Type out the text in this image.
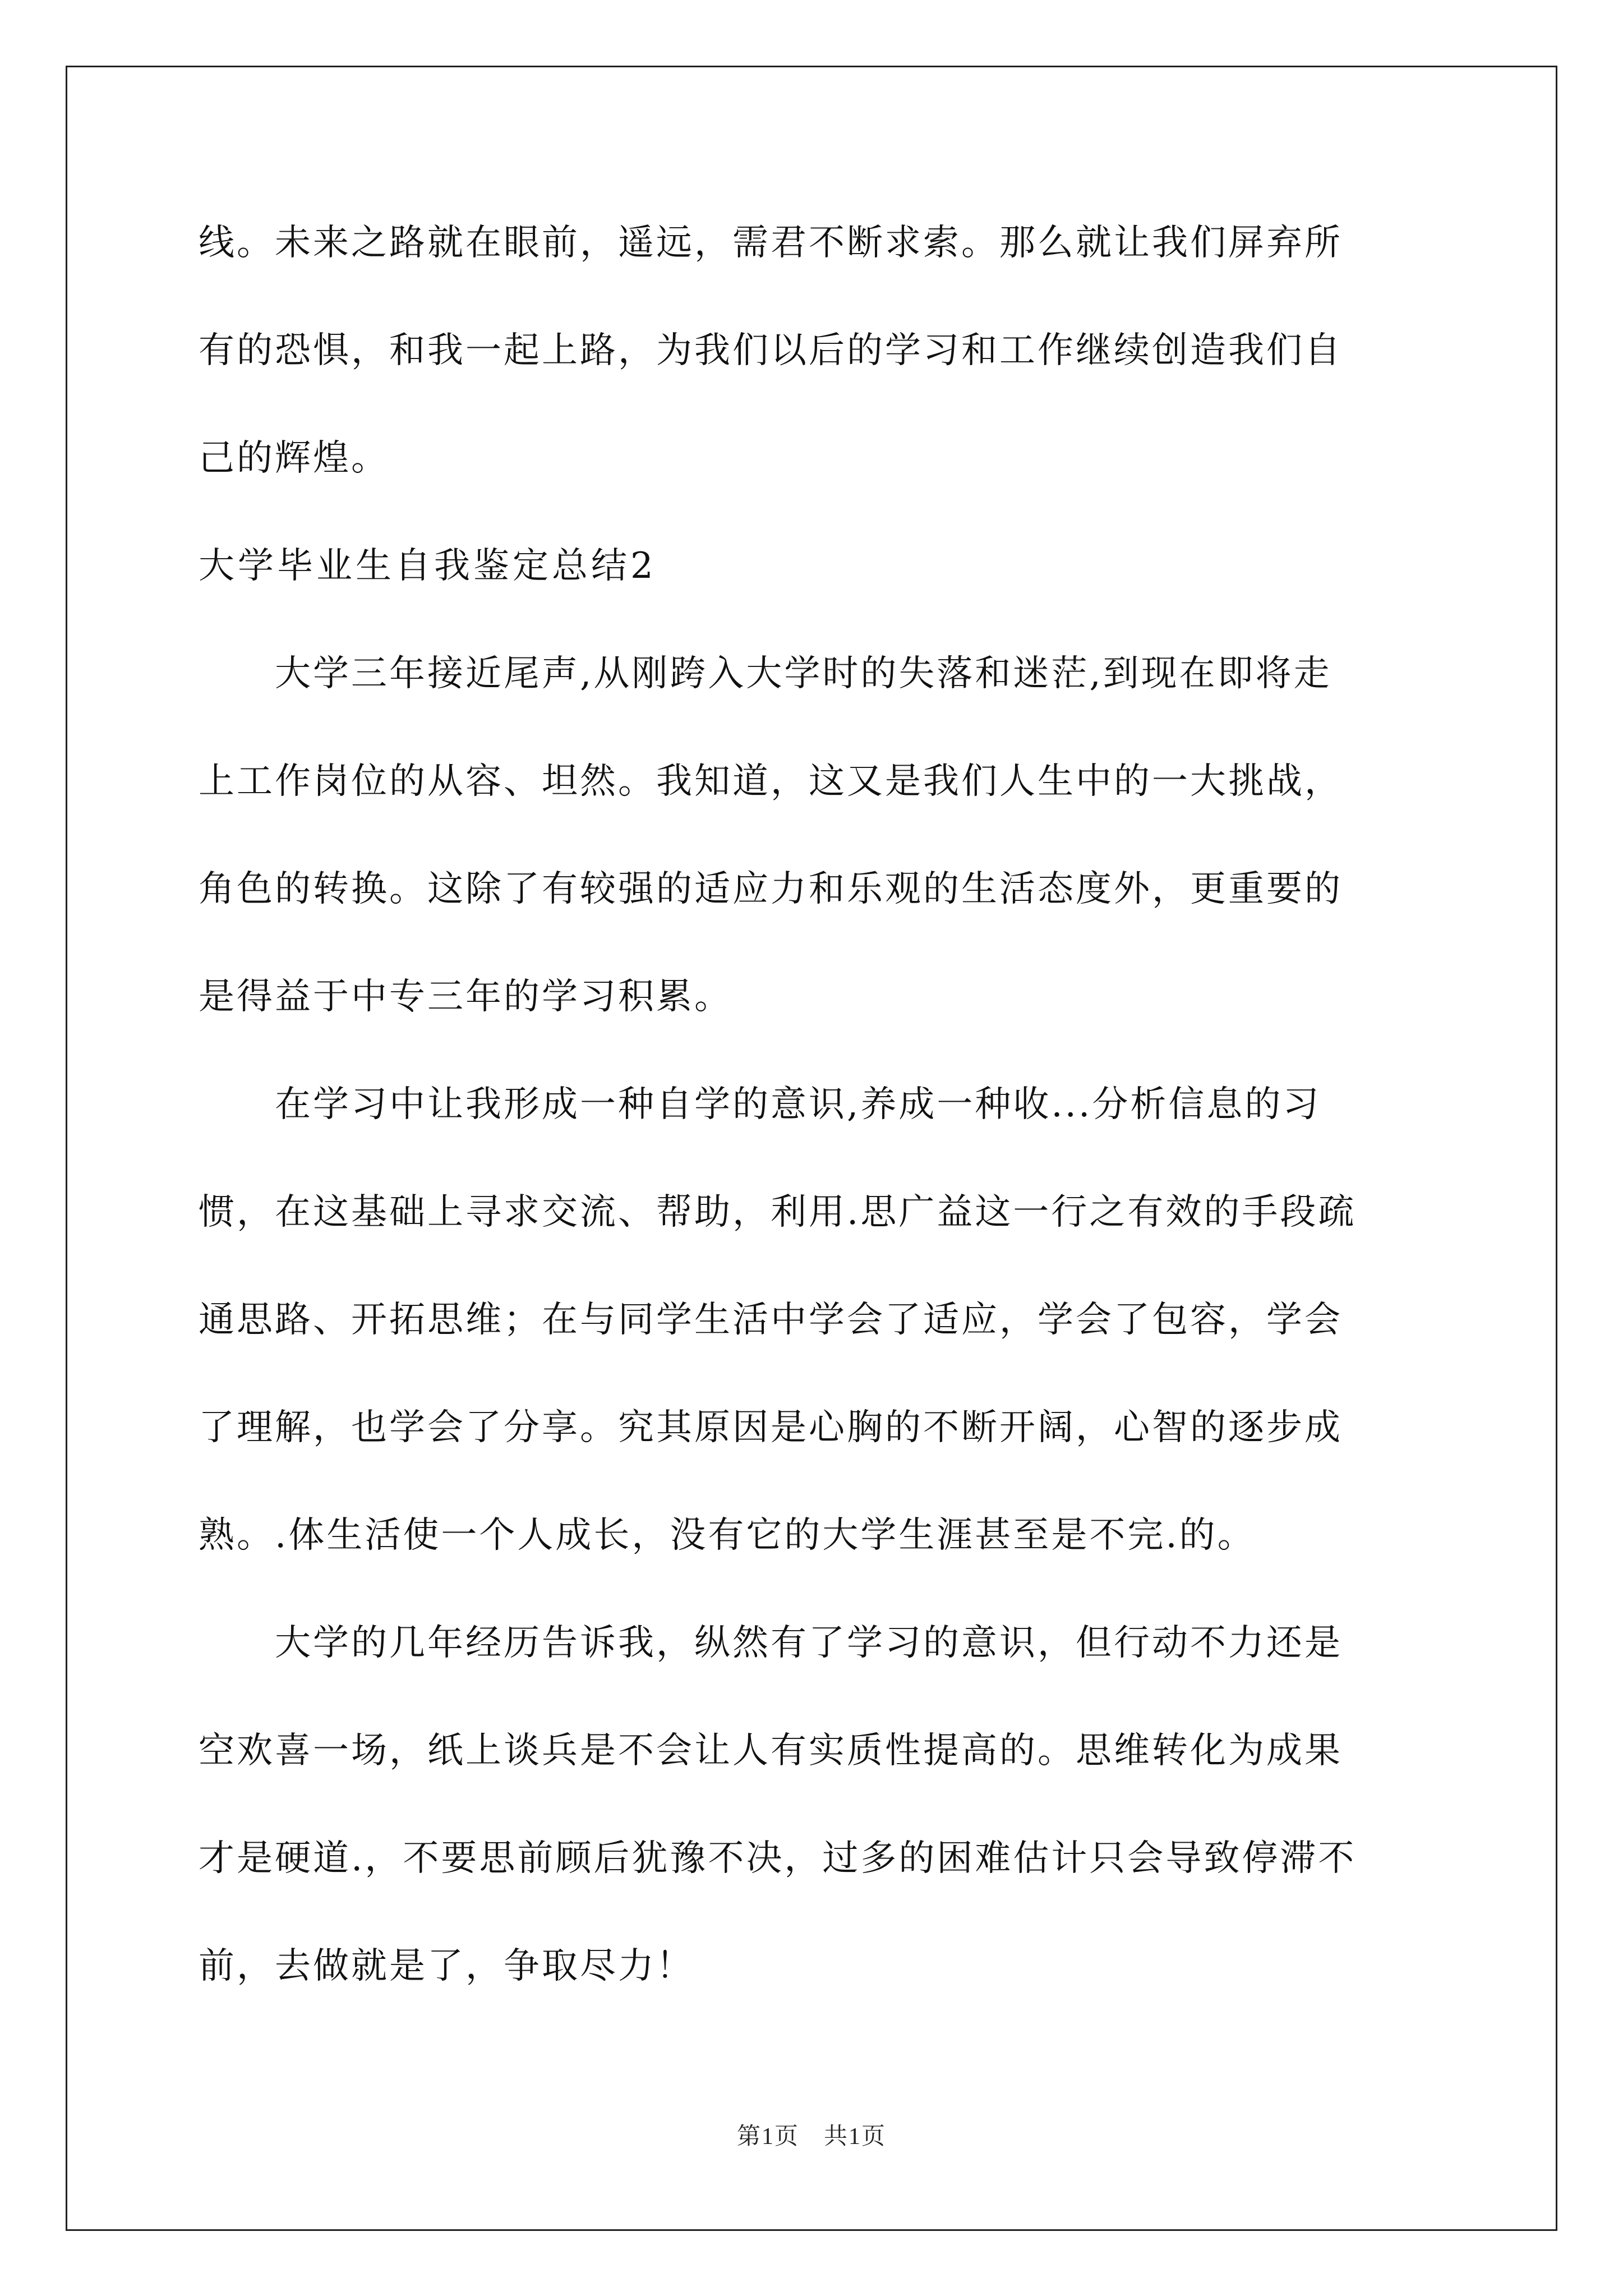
线。未来之路就在眼前，遥远，需君不断求索。那么就让我们屏弃所
有的恐惧，和我一起上路，为我们以后的学习和工作继续创造我们自
己的辉煌。
大学毕业生自我鉴定总结2
　　大学三年接近尾声,从刚跨入大学时的失落和迷茫,到现在即将走
上工作岗位的从容、坦然。我知道，这又是我们人生中的一大挑战，
角色的转换。这除了有较强的适应力和乐观的生活态度外，更重要的
是得益于中专三年的学习积累。
　　在学习中让我形成一种自学的意识,养成一种收...分析信息的习
惯，在这基础上寻求交流、帮助，利用.思广益这一行之有效的手段疏
通思路、开拓思维；在与同学生活中学会了适应，学会了包容，学会
了理解，也学会了分享。究其原因是心胸的不断开阔，心智的逐步成
熟。.体生活使一个人成长，没有它的大学生涯甚至是不完.的。
　　大学的几年经历告诉我，纵然有了学习的意识，但行动不力还是
空欢喜一场，纸上谈兵是不会让人有实质性提高的。思维转化为成果
才是硬道.，不要思前顾后犹豫不决，过多的困难估计只会导致停滞不
前，去做就是了，争取尽力！
第1页　共1页
